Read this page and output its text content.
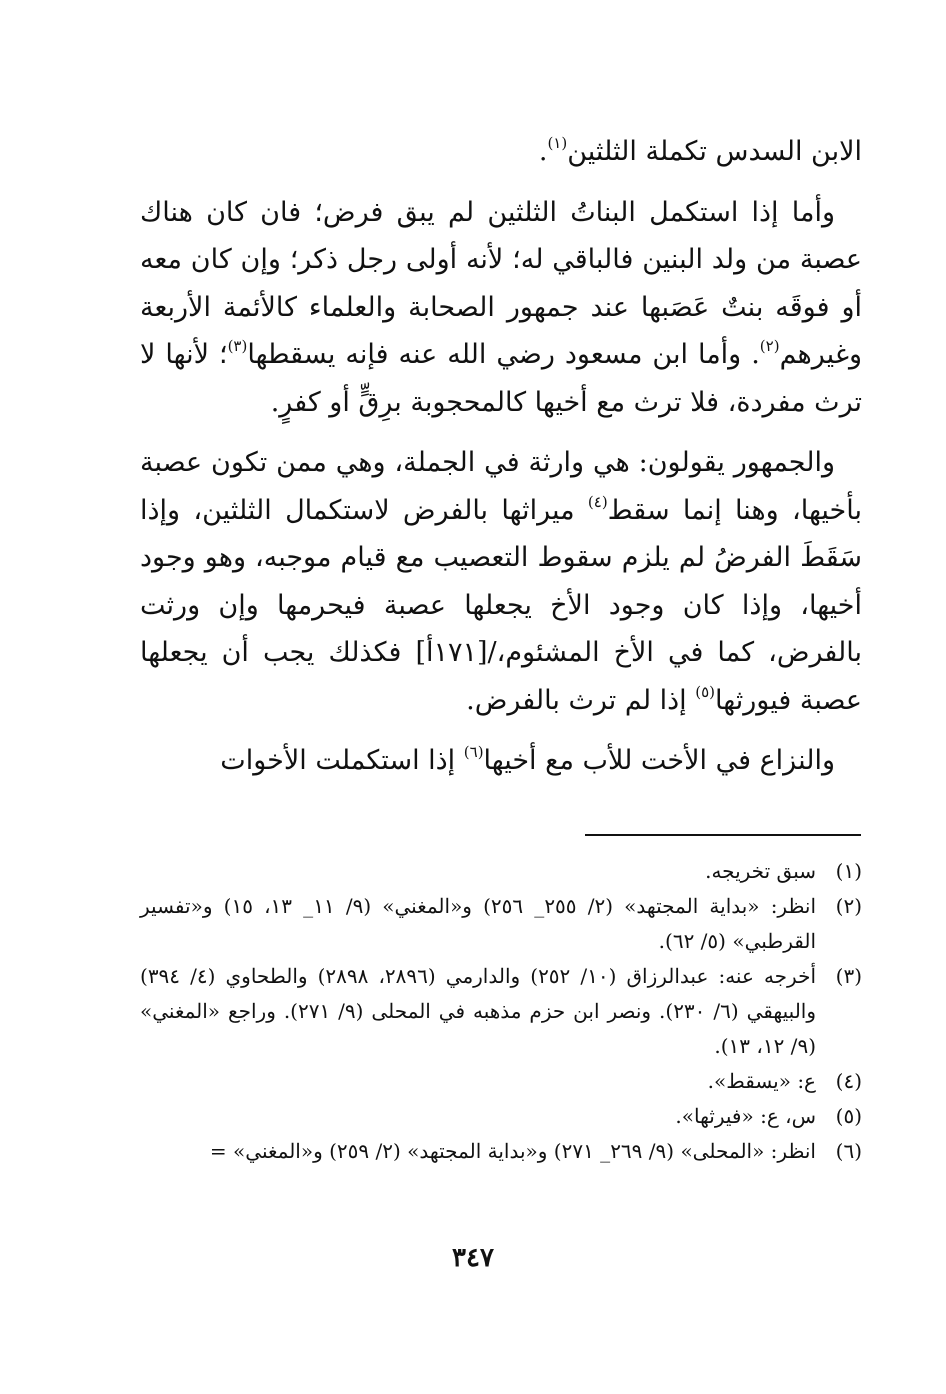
الابن السدس تكملة الثلثين$^{(١)}$.

وأما إذا استكمل البناتُ الثلثين لم يبق فرض؛ فان كان هناك عصبة من ولد البنين فالباقي له؛ لأنه أولى رجل ذكر؛ وإن كان معه أو فوقَه بنتٌ عَصَبها عند جمهور الصحابة والعلماء كالأئمة الأربعة وغيرهم$^{(٢)}$. وأما ابن مسعود رضي الله عنه فإنه يسقطها$^{(٣)}$؛ لأنها لا ترث مفردة، فلا ترث مع أخيها كالمحجوبة برِقٍّ أو كفرٍ.

والجمهور يقولون: هي وارثة في الجملة، وهي ممن تكون عصبة بأخيها، وهنا إنما سقط$^{(٤)}$ ميراثها بالفرض لاستكمال الثلثين، وإذا سَقَطَ الفرضُ لم يلزم سقوط التعصيب مع قيام موجبه، وهو وجود أخيها، وإذا كان وجود الأخ يجعلها عصبة فيحرمها وإن ورثت بالفرض، كما في الأخ المشئوم،/[١٧١أ] فكذلك يجب أن يجعلها عصبة فيورثها$^{(٥)}$ إذا لم ترث بالفرض.

والنزاع في الأخت للأب مع أخيها$^{(٦)}$ إذا استكملت الأخوات

(١)
سبق تخريجه.
(٢)
انظر: «بداية المجتهد» (٢/ ٢٥٥_ ٢٥٦) و«المغني» (٩/ ١١_ ١٣، ١٥) و«تفسير القرطبي» (٥/ ٦٢).
(٣)
أخرجه عنه: عبدالرزاق (١٠/ ٢٥٢) والدارمي (٢٨٩٦، ٢٨٩٨) والطحاوي (٤/ ٣٩٤) والبيهقي (٦/ ٢٣٠). ونصر ابن حزم مذهبه في المحلى (٩/ ٢٧١). وراجع «المغني» (٩/ ١٢، ١٣).
(٤)
ع: «يسقط».
(٥)
س، ع: «فيرثها».
(٦)
انظر: «المحلى» (٩/ ٢٦٩_ ٢٧١) و«بداية المجتهد» (٢/ ٢٥٩) و«المغني» =
٣٤٧
